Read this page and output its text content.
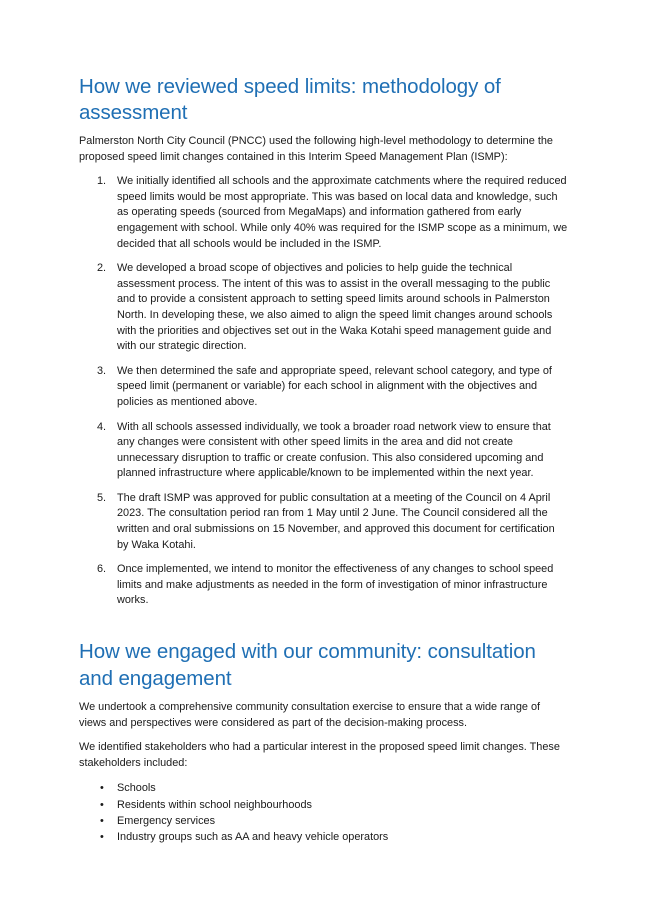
How we reviewed speed limits: methodology of assessment

Palmerston North City Council (PNCC) used the following high-level methodology to determine the proposed speed limit changes contained in this Interim Speed Management Plan (ISMP):

1. We initially identified all schools and the approximate catchments where the required reduced speed limits would be most appropriate. This was based on local data and knowledge, such as operating speeds (sourced from MegaMaps) and information gathered from early engagement with school. While only 40% was required for the ISMP scope as a minimum, we decided that all schools would be included in the ISMP.
2. We developed a broad scope of objectives and policies to help guide the technical assessment process. The intent of this was to assist in the overall messaging to the public and to provide a consistent approach to setting speed limits around schools in Palmerston North. In developing these, we also aimed to align the speed limit changes around schools with the priorities and objectives set out in the Waka Kotahi speed management guide and with our strategic direction.
3. We then determined the safe and appropriate speed, relevant school category, and type of speed limit (permanent or variable) for each school in alignment with the objectives and policies as mentioned above.
4. With all schools assessed individually, we took a broader road network view to ensure that any changes were consistent with other speed limits in the area and did not create unnecessary disruption to traffic or create confusion. This also considered upcoming and planned infrastructure where applicable/known to be implemented within the next year.
5. The draft ISMP was approved for public consultation at a meeting of the Council on 4 April 2023. The consultation period ran from 1 May until 2 June. The Council considered all the written and oral submissions on 15 November, and approved this document for certification by Waka Kotahi.
6. Once implemented, we intend to monitor the effectiveness of any changes to school speed limits and make adjustments as needed in the form of investigation of minor infrastructure works.
How we engaged with our community: consultation and engagement

We undertook a comprehensive community consultation exercise to ensure that a wide range of views and perspectives were considered as part of the decision-making process.

We identified stakeholders who had a particular interest in the proposed speed limit changes. These stakeholders included:

• Schools
• Residents within school neighbourhoods
• Emergency services
• Industry groups such as AA and heavy vehicle operators
